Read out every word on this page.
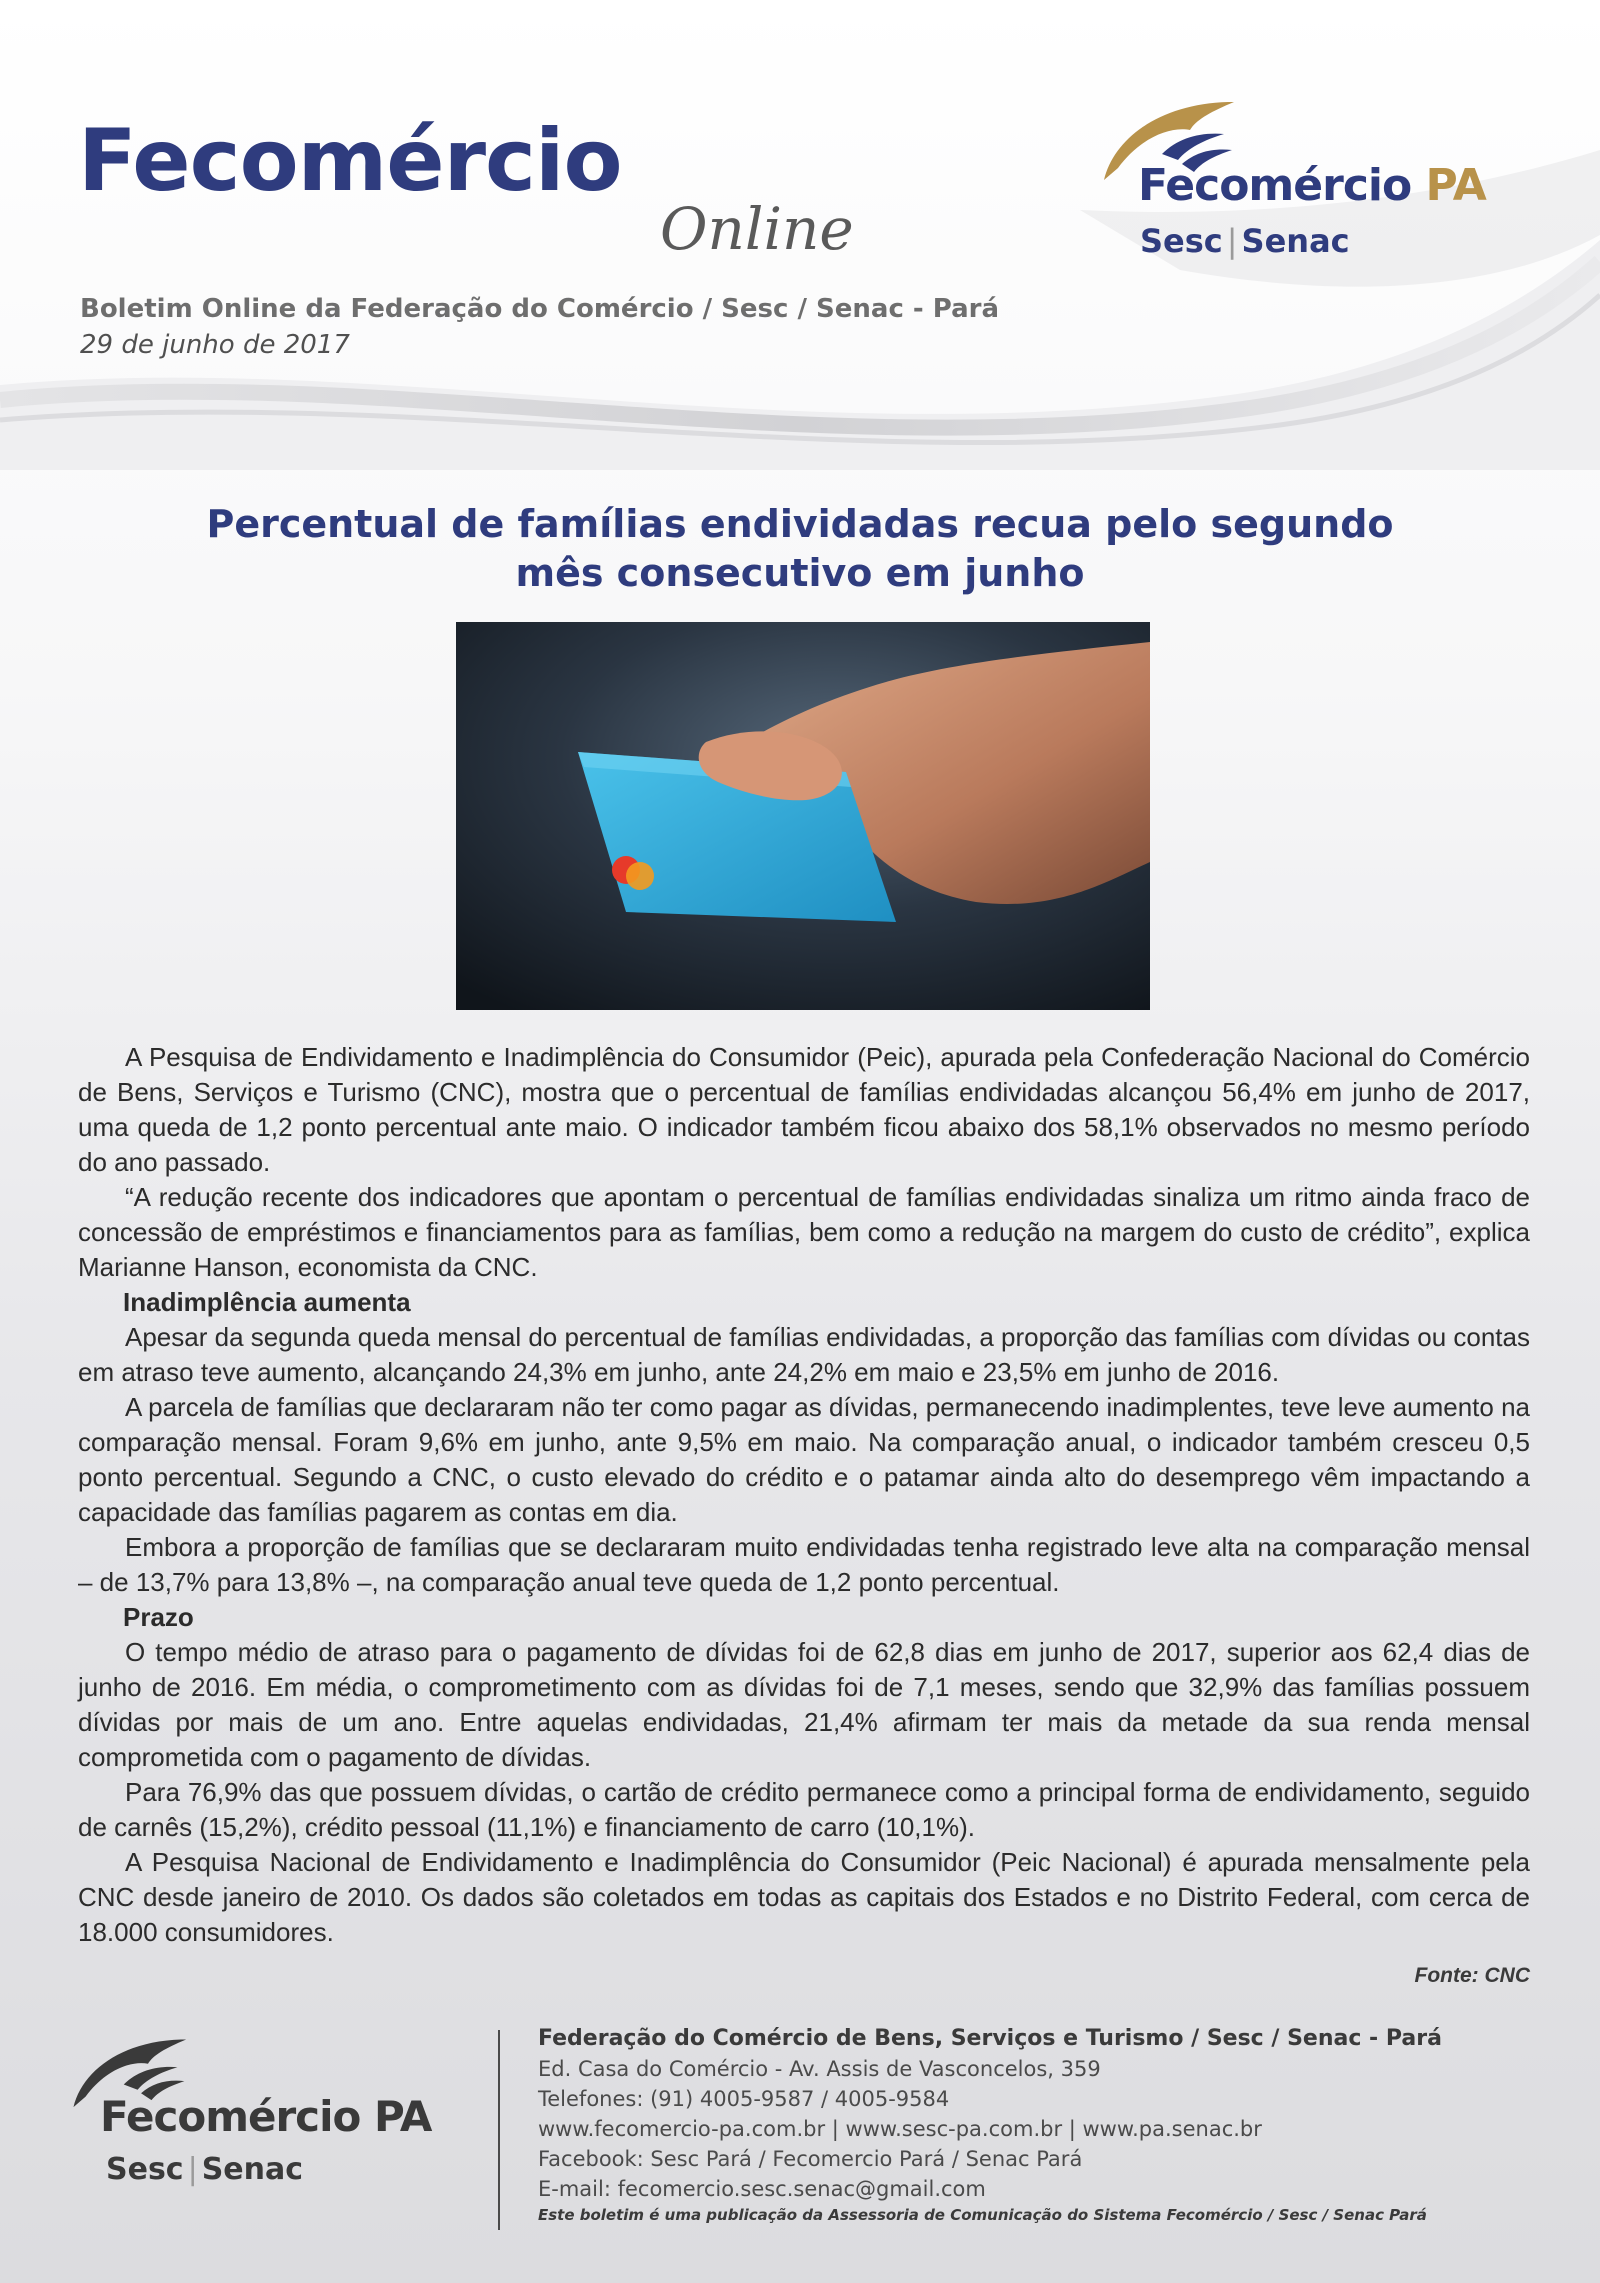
Fecomércio
Online
Boletim Online da Federação do Comércio / Sesc / Senac - Pará
29 de junho de 2017
Fecomércio PA
Sesc | Senac
Percentual de famílias endividadas recua pelo segundo
mês consecutivo em junho

A Pesquisa de Endividamento e Inadimplência do Consumidor (Peic), apurada pela Confederação Nacional do Comércio de Bens, Serviços e Turismo (CNC), mostra que o percentual de famílias endividadas alcançou 56,4% em junho de 2017, uma queda de 1,2 ponto percentual ante maio. O indicador também ficou abaixo dos 58,1% observados no mesmo período do ano passado.

“A redução recente dos indicadores que apontam o percentual de famílias endividadas sinaliza um ritmo ainda fraco de concessão de empréstimos e financiamentos para as famílias, bem como a redução na margem do custo de crédito”, explica Marianne Hanson, economista da CNC.

Inadimplência aumenta

Apesar da segunda queda mensal do percentual de famílias endividadas, a proporção das famílias com dívidas ou contas em atraso teve aumento, alcançando 24,3% em junho, ante 24,2% em maio e 23,5% em junho de 2016.

A parcela de famílias que declararam não ter como pagar as dívidas, permanecendo inadimplentes, teve leve aumento na comparação mensal. Foram 9,6% em junho, ante 9,5% em maio. Na comparação anual, o indicador também cresceu 0,5 ponto percentual. Segundo a CNC, o custo elevado do crédito e o patamar ainda alto do desemprego vêm impactando a capacidade das famílias pagarem as contas em dia.

Embora a proporção de famílias que se declararam muito endividadas tenha registrado leve alta na comparação mensal – de 13,7% para 13,8% –, na comparação anual teve queda de 1,2 ponto percentual.

Prazo

O tempo médio de atraso para o pagamento de dívidas foi de 62,8 dias em junho de 2017, superior aos 62,4 dias de junho de 2016. Em média, o comprometimento com as dívidas foi de 7,1 meses, sendo que 32,9% das famílias possuem dívidas por mais de um ano. Entre aquelas endividadas, 21,4% afirmam ter mais da metade da sua renda mensal comprometida com o pagamento de dívidas.

Para 76,9% das que possuem dívidas, o cartão de crédito permanece como a principal forma de endividamento, seguido de carnês (15,2%), crédito pessoal (11,1%) e financiamento de carro (10,1%).

A Pesquisa Nacional de Endividamento e Inadimplência do Consumidor (Peic Nacional) é apurada mensalmente pela CNC desde janeiro de 2010. Os dados são coletados em todas as capitais dos Estados e no Distrito Federal, com cerca de 18.000 consumidores.

Fonte: CNC
Fecomércio PA
Sesc | Senac
Federação do Comércio de Bens, Serviços e Turismo / Sesc / Senac - Pará
Ed. Casa do Comércio - Av. Assis de Vasconcelos, 359
Telefones: (91) 4005-9587 / 4005-9584
www.fecomercio-pa.com.br | www.sesc-pa.com.br | www.pa.senac.br
Facebook: Sesc Pará / Fecomercio Pará / Senac Pará
E-mail: fecomercio.sesc.senac@gmail.com
Este boletim é uma publicação da Assessoria de Comunicação do Sistema Fecomércio / Sesc / Senac Pará
